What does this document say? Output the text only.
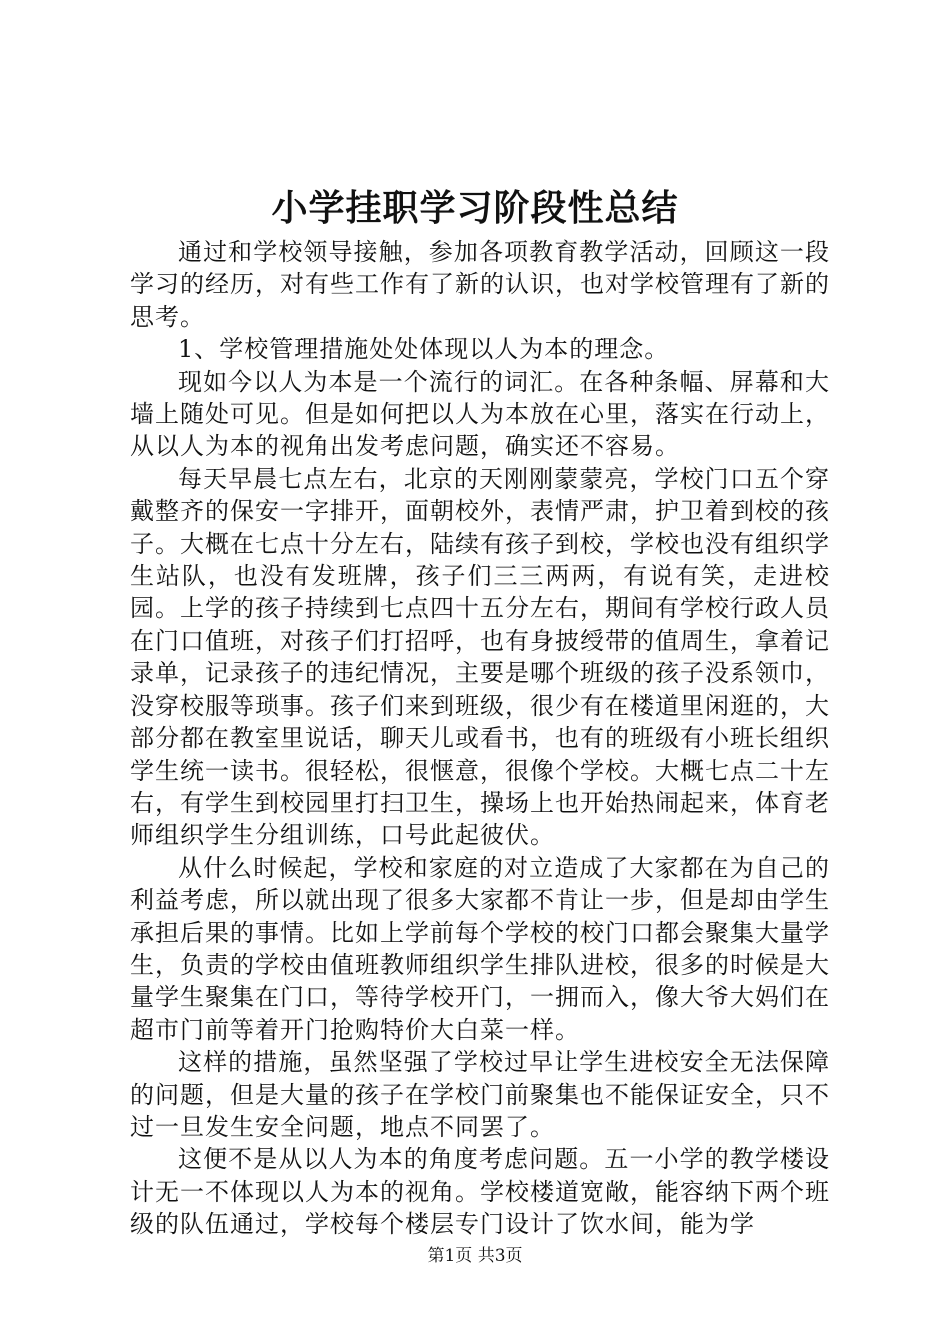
小学挂职学习阶段性总结

通过和学校领导接触，参加各项教育教学活动，回顾这一段学习的经历，对有些工作有了新的认识，也对学校管理有了新的思考。

1、学校管理措施处处体现以人为本的理念。

现如今以人为本是一个流行的词汇。在各种条幅、屏幕和大墙上随处可见。但是如何把以人为本放在心里，落实在行动上，从以人为本的视角出发考虑问题，确实还不容易。

每天早晨七点左右，北京的天刚刚蒙蒙亮，学校门口五个穿戴整齐的保安一字排开，面朝校外，表情严肃，护卫着到校的孩子。大概在七点十分左右，陆续有孩子到校，学校也没有组织学生站队，也没有发班牌，孩子们三三两两，有说有笑，走进校园。上学的孩子持续到七点四十五分左右，期间有学校行政人员在门口值班，对孩子们打招呼，也有身披绶带的值周生，拿着记录单，记录孩子的违纪情况，主要是哪个班级的孩子没系领巾，没穿校服等琐事。孩子们来到班级，很少有在楼道里闲逛的，大部分都在教室里说话，聊天儿或看书，也有的班级有小班长组织学生统一读书。很轻松，很惬意，很像个学校。大概七点二十左右，有学生到校园里打扫卫生，操场上也开始热闹起来，体育老师组织学生分组训练，口号此起彼伏。

从什么时候起，学校和家庭的对立造成了大家都在为自己的利益考虑，所以就出现了很多大家都不肯让一步，但是却由学生承担后果的事情。比如上学前每个学校的校门口都会聚集大量学生，负责的学校由值班教师组织学生排队进校，很多的时候是大量学生聚集在门口，等待学校开门，一拥而入，像大爷大妈们在超市门前等着开门抢购特价大白菜一样。

这样的措施，虽然坚强了学校过早让学生进校安全无法保障的问题，但是大量的孩子在学校门前聚集也不能保证安全，只不过一旦发生安全问题，地点不同罢了。

这便不是从以人为本的角度考虑问题。五一小学的教学楼设计无一不体现以人为本的视角。学校楼道宽敞，能容纳下两个班级的队伍通过，学校每个楼层专门设计了饮水间，能为学

第1页 共3页
